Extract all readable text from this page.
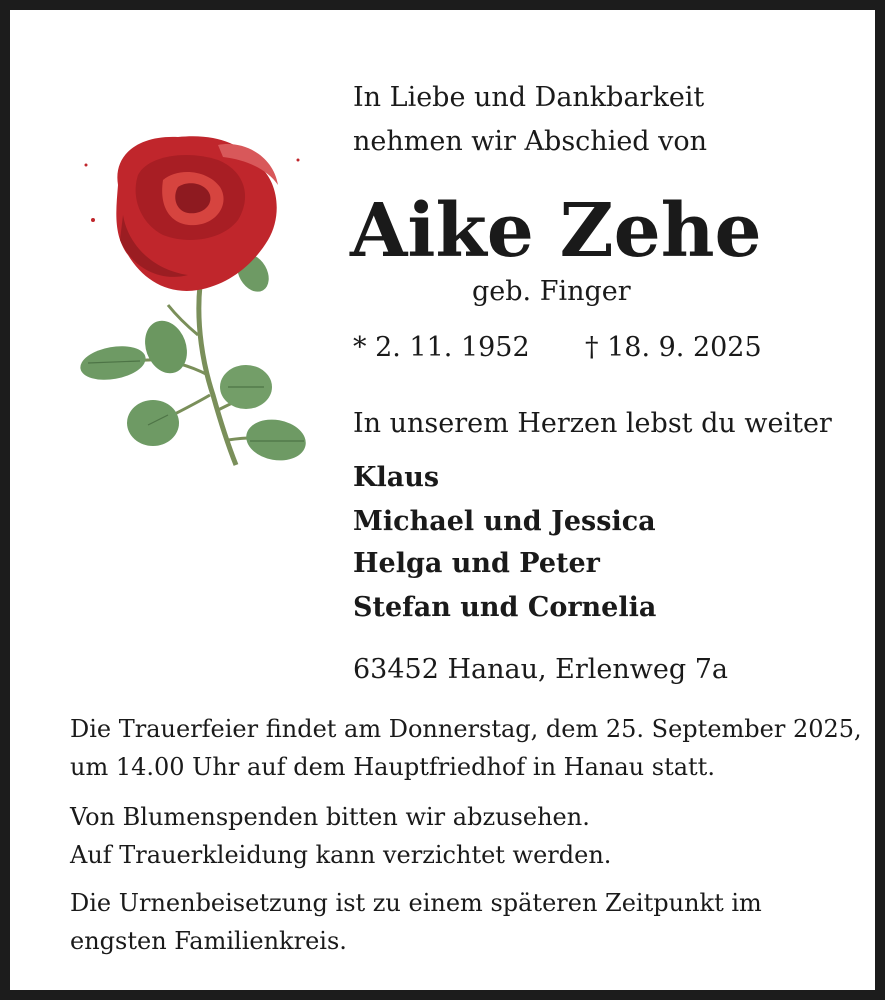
In Liebe und Dankbarkeit
nehmen wir Abschied von
Aike Zehe
geb. Finger
* 2. 11. 1952 † 18. 9. 2025
In unserem Herzen lebst du weiter
Klaus
Michael und Jessica
Helga und Peter
Stefan und Cornelia
63452 Hanau, Erlenweg 7a
Die Trauerfeier findet am Donnerstag, dem 25. September 2025,
um 14.00 Uhr auf dem Hauptfriedhof in Hanau statt.
Von Blumenspenden bitten wir abzusehen.
Auf Trauerkleidung kann verzichtet werden.
Die Urnenbeisetzung ist zu einem späteren Zeitpunkt im
engsten Familienkreis.
